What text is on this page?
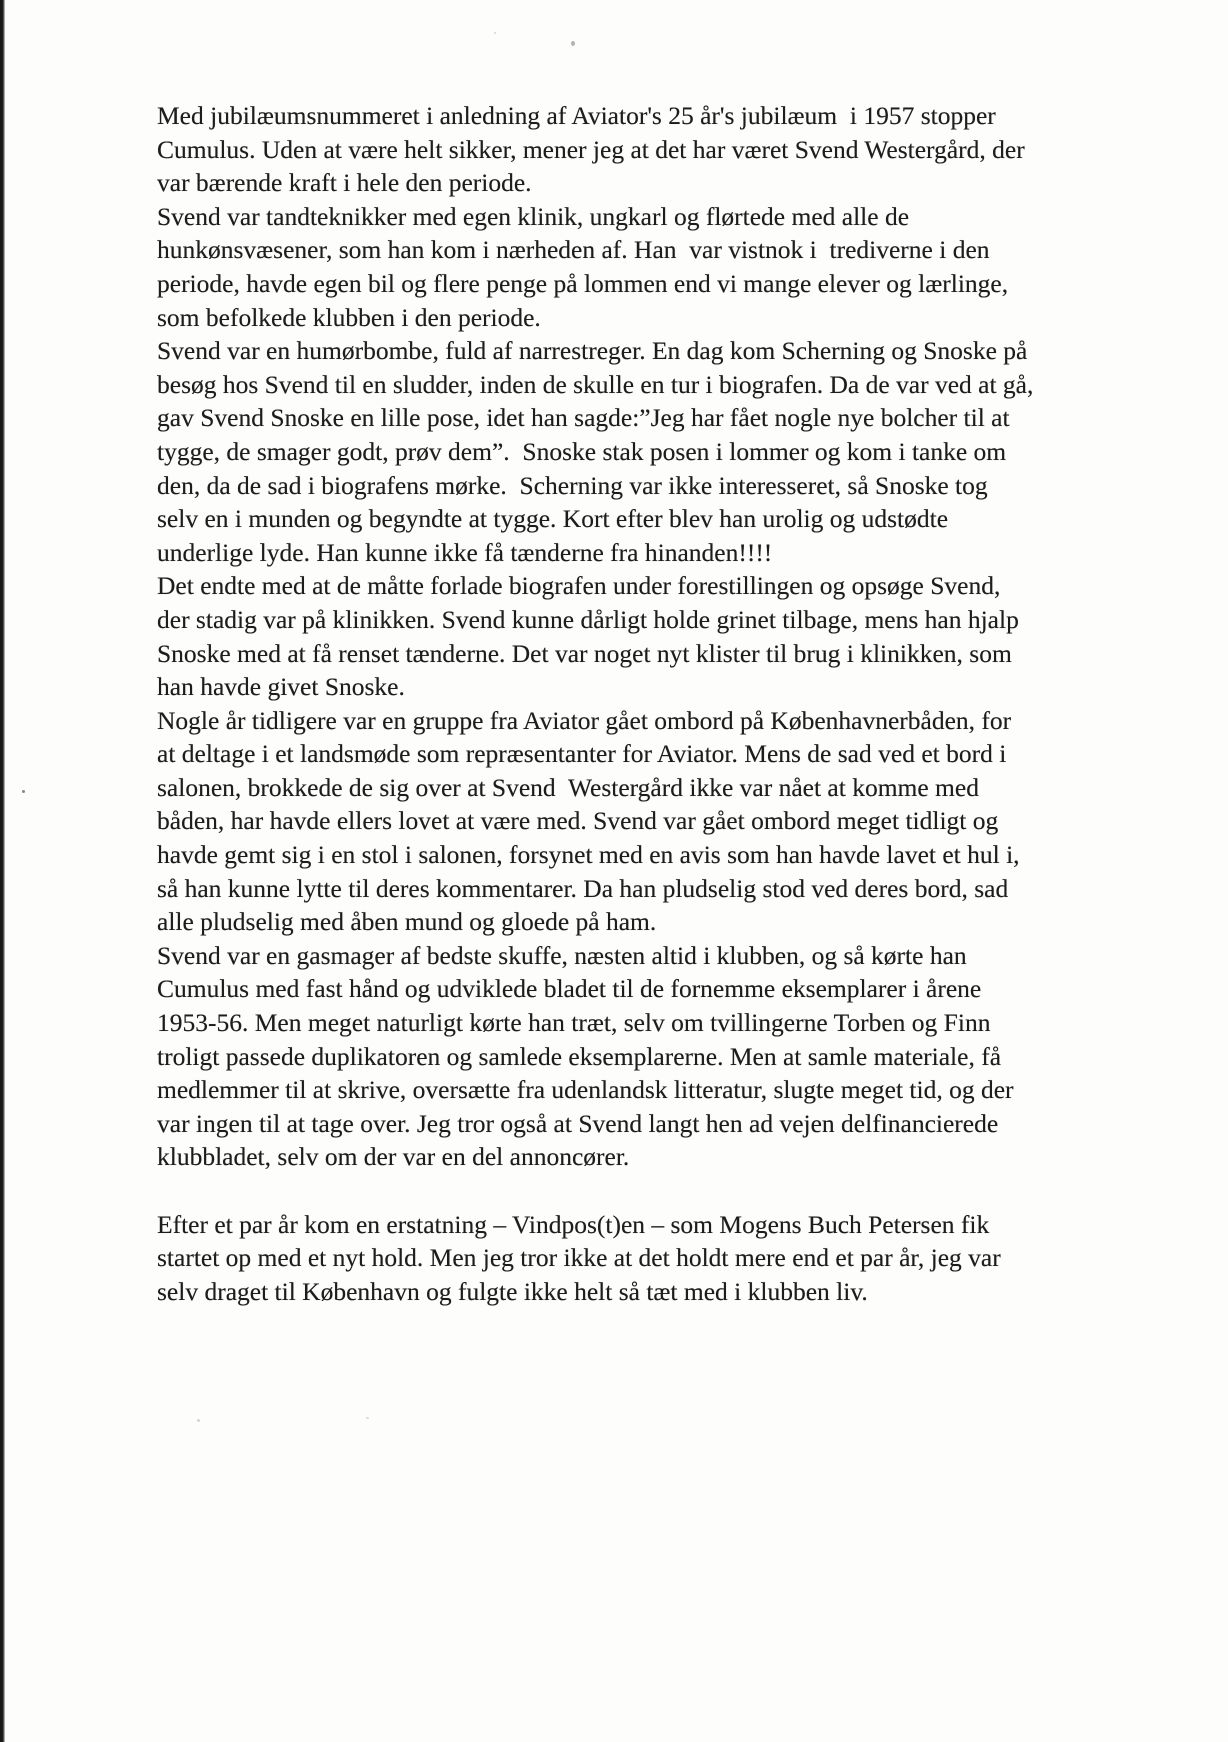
Med jubilæumsnummeret i anledning af Aviator's 25 år's jubilæum  i 1957 stopper
Cumulus. Uden at være helt sikker, mener jeg at det har været Svend Westergård, der
var bærende kraft i hele den periode.
Svend var tandteknikker med egen klinik, ungkarl og flørtede med alle de
hunkønsvæsener, som han kom i nærheden af. Han  var vistnok i  trediverne i den
periode, havde egen bil og flere penge på lommen end vi mange elever og lærlinge,
som befolkede klubben i den periode.
Svend var en humørbombe, fuld af narrestreger. En dag kom Scherning og Snoske på
besøg hos Svend til en sludder, inden de skulle en tur i biografen. Da de var ved at gå,
gav Svend Snoske en lille pose, idet han sagde:”Jeg har fået nogle nye bolcher til at
tygge, de smager godt, prøv dem”.  Snoske stak posen i lommer og kom i tanke om
den, da de sad i biografens mørke.  Scherning var ikke interesseret, så Snoske tog
selv en i munden og begyndte at tygge. Kort efter blev han urolig og udstødte
underlige lyde. Han kunne ikke få tænderne fra hinanden!!!!
Det endte med at de måtte forlade biografen under forestillingen og opsøge Svend,
der stadig var på klinikken. Svend kunne dårligt holde grinet tilbage, mens han hjalp
Snoske med at få renset tænderne. Det var noget nyt klister til brug i klinikken, som
han havde givet Snoske.
Nogle år tidligere var en gruppe fra Aviator gået ombord på Københavnerbåden, for
at deltage i et landsmøde som repræsentanter for Aviator. Mens de sad ved et bord i
salonen, brokkede de sig over at Svend  Westergård ikke var nået at komme med
båden, har havde ellers lovet at være med. Svend var gået ombord meget tidligt og
havde gemt sig i en stol i salonen, forsynet med en avis som han havde lavet et hul i,
så han kunne lytte til deres kommentarer. Da han pludselig stod ved deres bord, sad
alle pludselig med åben mund og gloede på ham.
Svend var en gasmager af bedste skuffe, næsten altid i klubben, og så kørte han
Cumulus med fast hånd og udviklede bladet til de fornemme eksemplarer i årene
1953-56. Men meget naturligt kørte han træt, selv om tvillingerne Torben og Finn
troligt passede duplikatoren og samlede eksemplarerne. Men at samle materiale, få
medlemmer til at skrive, oversætte fra udenlandsk litteratur, slugte meget tid, og der
var ingen til at tage over. Jeg tror også at Svend langt hen ad vejen delfinancierede
klubbladet, selv om der var en del annoncører.
Efter et par år kom en erstatning – Vindpos(t)en – som Mogens Buch Petersen fik
startet op med et nyt hold. Men jeg tror ikke at det holdt mere end et par år, jeg var
selv draget til København og fulgte ikke helt så tæt med i klubben liv.
